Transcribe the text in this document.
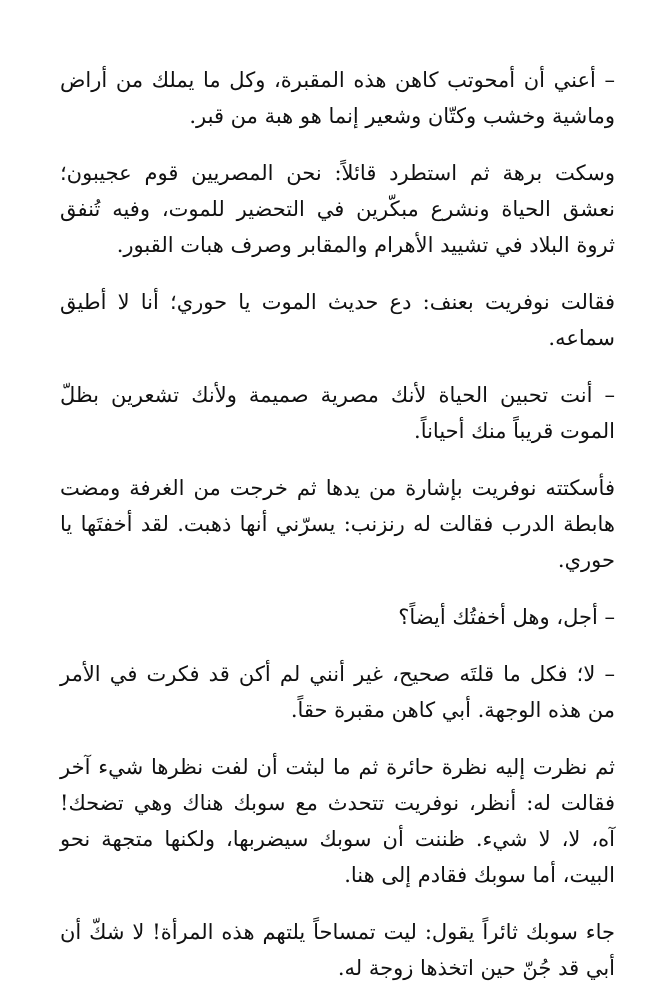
– أعني أن أمحوتب كاهن هذه المقبرة، وكل ما يملك من أراض وماشية وخشب وكتّان وشعير إنما هو هبة من قبر.

وسكت برهة ثم استطرد قائلاً: نحن المصريين قوم عجيبون؛ نعشق الحياة ونشرع مبكّرين في التحضير للموت، وفيه تُنفق ثروة البلاد في تشييد الأهرام والمقابر وصرف هبات القبور.

فقالت نوفريت بعنف: دع حديث الموت يا حوري؛ أنا لا أطيق سماعه.

– أنت تحبين الحياة لأنك مصرية صميمة ولأنك تشعرين بظلّ الموت قريباً منك أحياناً.

فأسكتته نوفريت بإشارة من يدها ثم خرجت من الغرفة ومضت هابطة الدرب فقالت له رنزنب: يسرّني أنها ذهبت. لقد أخفتَها يا حوري.

– أجل، وهل أخفتُك أيضاً؟

– لا؛ فكل ما قلتَه صحيح، غير أنني لم أكن قد فكرت في الأمر من هذه الوجهة. أبي كاهن مقبرة حقاً.

ثم نظرت إليه نظرة حائرة ثم ما لبثت أن لفت نظرها شيء آخر فقالت له: أنظر، نوفريت تتحدث مع سوبك هناك وهي تضحك! آه، لا، لا شيء. ظننت أن سوبك سيضربها، ولكنها متجهة نحو البيت، أما سوبك فقادم إلى هنا.

جاء سوبك ثائراً يقول: ليت تمساحاً يلتهم هذه المرأة! لا شكّ أن أبي قد جُنّ حين اتخذها زوجة له.
